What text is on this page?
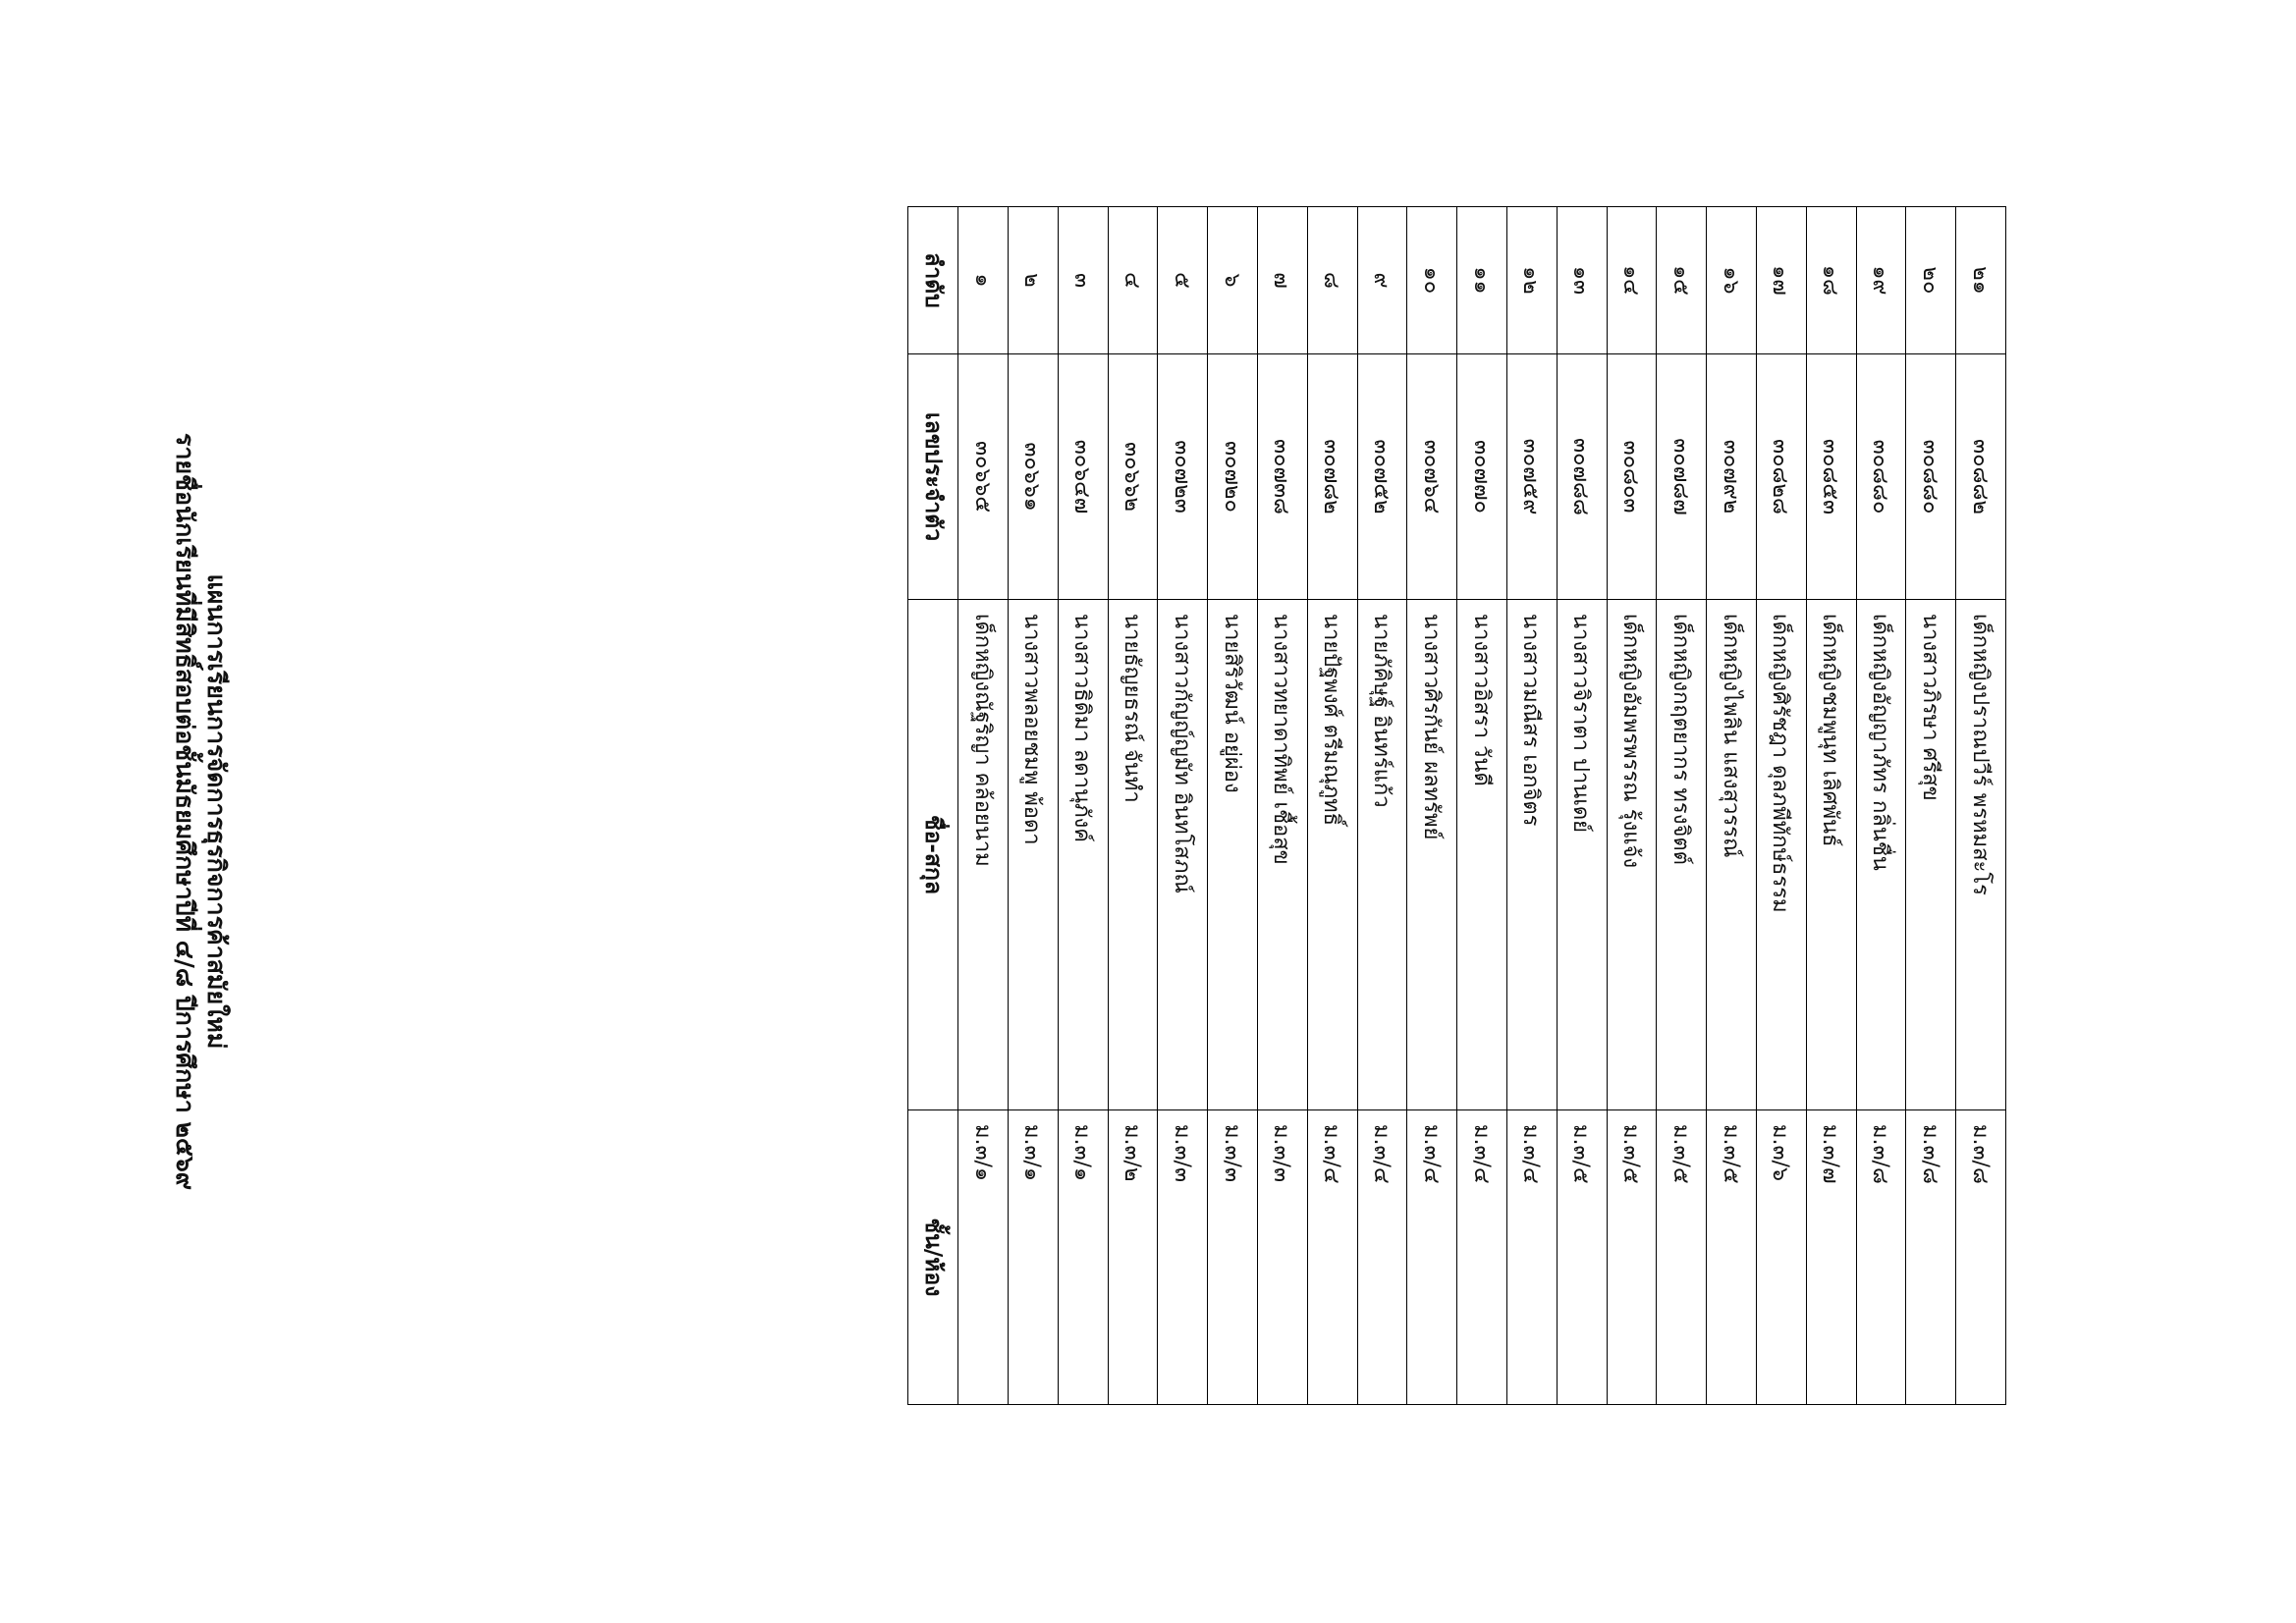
รายชื่อนักเรียนที่มีสิทธิ์สอบต่อชั้นมัธยมศึกษาปีที่ ๔/๘ ปีการศึกษา ๒๕๖๙ แผนการเรียนการจัดการธุรกิจการค้าสมัยใหม่
๒๑	๓๐๘๘๒	เด็กหญิงปราณปวีร์ พรหมสะโร	ม.๓/๘
๒๐	๓๐๘๘๐	นางสาวภิรษา ศรีสุข	ม.๓/๘
๑๙	๓๐๘๘๐	เด็กหญิงอัญญาภัทร กลิ่นชื่น	ม.๓/๘
๑๘	๓๐๘๕๓	เด็กหญิงชมพูนุท เลิศพันธ์	ม.๓/๗
๑๗	๓๐๘๒๘	เด็กหญิงศิรัชฎา ดุลภพีทักษ์ธรรม	ม.๓/๖
๑๖	๓๐๗๙๒	เด็กหญิงไพลิน แสงสุวรรณ์	ม.๓/๕
๑๕	๓๐๗๘๗	เด็กหญิงกฤตยากร ทรงจิตต์	ม.๓/๕
๑๔	๓๐๘๐๓	เด็กหญิงอัมพรพรรณ รุ้งแจ้ง	ม.๓/๕
๑๓	๓๐๗๘๘	นางสาวจิราตา ปานเดย์	ม.๓/๕
๑๒	๓๐๗๕๙	นางสาวมณีสร เอกจิตร	ม.๓/๔
๑๑	๓๐๗๗๐	นางสาวอิสรา วันดี	ม.๓/๔
๑๐	๓๐๗๖๔	นางสาวศิรกันย์ ผลทรัพย์	ม.๓/๔
๙	๓๐๗๕๒	นายภัคิษุฐ์ อินทร์แก้ว	ม.๓/๔
๘	๓๐๗๘๒	นายปัฐพงศ์ ตรีมณุภูทธิ์	ม.๓/๔
๗	๓๐๗๓๘	นางสาวทยาดาทิพย์ เชื้อสุข	ม.๓/๓
๖	๓๐๗๒๐	นายสิริวัฒน์ อยู่ผ่อง	ม.๓/๓
๕	๓๐๗๒๓	นางสาวกัญญ์ญมัท อินทโสภณ์	ม.๓/๓
๔	๓๐๖๖๒	นายธัญยธรณ์ จันทำ	ม.๓/๒
๓	๓๐๖๔๗	นางสาวธิดิมา ลดานุภังค์	ม.๓/๑
๒	๓๐๖๖๑	นางสาวพลอยชมพู พ้อดา	ม.๓/๑
๑	๓๐๖๖๕	เด็กหญิงณัฐริญา คล้อยนาม	ม.๓/๑
ลำดับ	เลขประจำตัว	ชื่อ-สกุล	ชั้น/ห้อง
